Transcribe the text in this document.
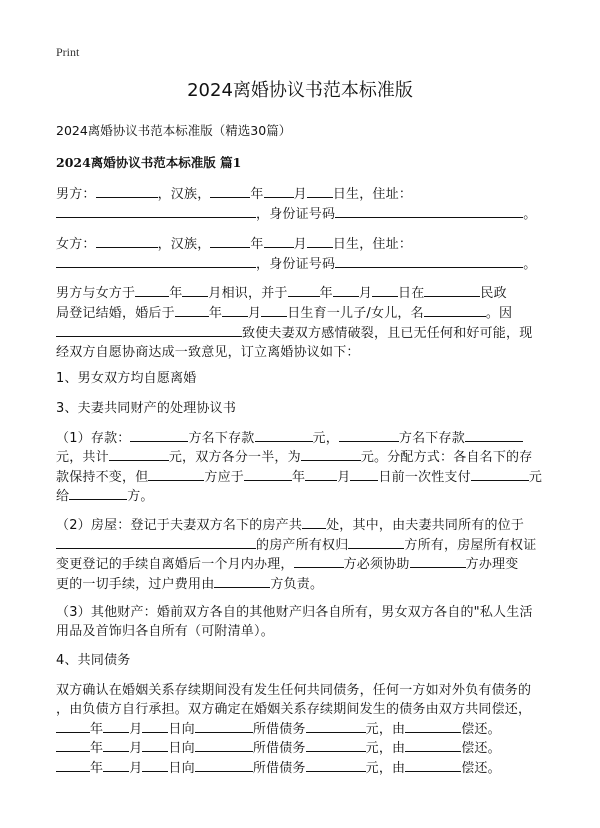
Print
2024离婚协议书范本标准版
2024离婚协议书范本标准版（精选30篇）
2024离婚协议书范本标准版 篇1
男方：	，汉族，	年 月 日生，住址：
，身份证号码	。
女方：	，汉族，	年 月 日生，住址：
，身份证号码	。
男方与女方于	年 月相识，并于 年 月 日在	民政
局登记结婚，婚后于	年 月 日生育一儿子/女儿，名	。因
致使夫妻双方感情破裂，且已无任何和好可能，现
经双方自愿协商达成一致意见，订立离婚协议如下：
1、男女双方均自愿离婚
3、夫妻共同财产的处理协议书
（1）存款：	方名下存款	元，	方名下存款
元，共计	元，双方各分一半，为	元。分配方式：各自名下的存
款保持不变，但	方应于	年 月 日前一次性支付	元
给	方。
（2）房屋：登记于夫妻双方名下的房产共 处，其中，由夫妻共同所有的位于
的房产所有权归	方所有，房屋所有权证
变更登记的手续自离婚后一个月内办理，	方必须协助	方办理变
更的一切手续，过户费用由	方负责。
（3）其他财产：婚前双方各自的其他财产归各自所有，男女双方各自的"私人生活
用品及首饰归各自所有（可附清单）。
4、共同债务
双方确认在婚姻关系存续期间没有发生任何共同债务，任何一方如对外负有债务的
，由负债方自行承担。双方确定在婚姻关系存续期间发生的债务由双方共同偿还，
年 月 日向	所借债务	元，由	偿还。
年 月 日向	所借债务	元，由	偿还。
年 月 日向	所借债务	元，由	偿还。
